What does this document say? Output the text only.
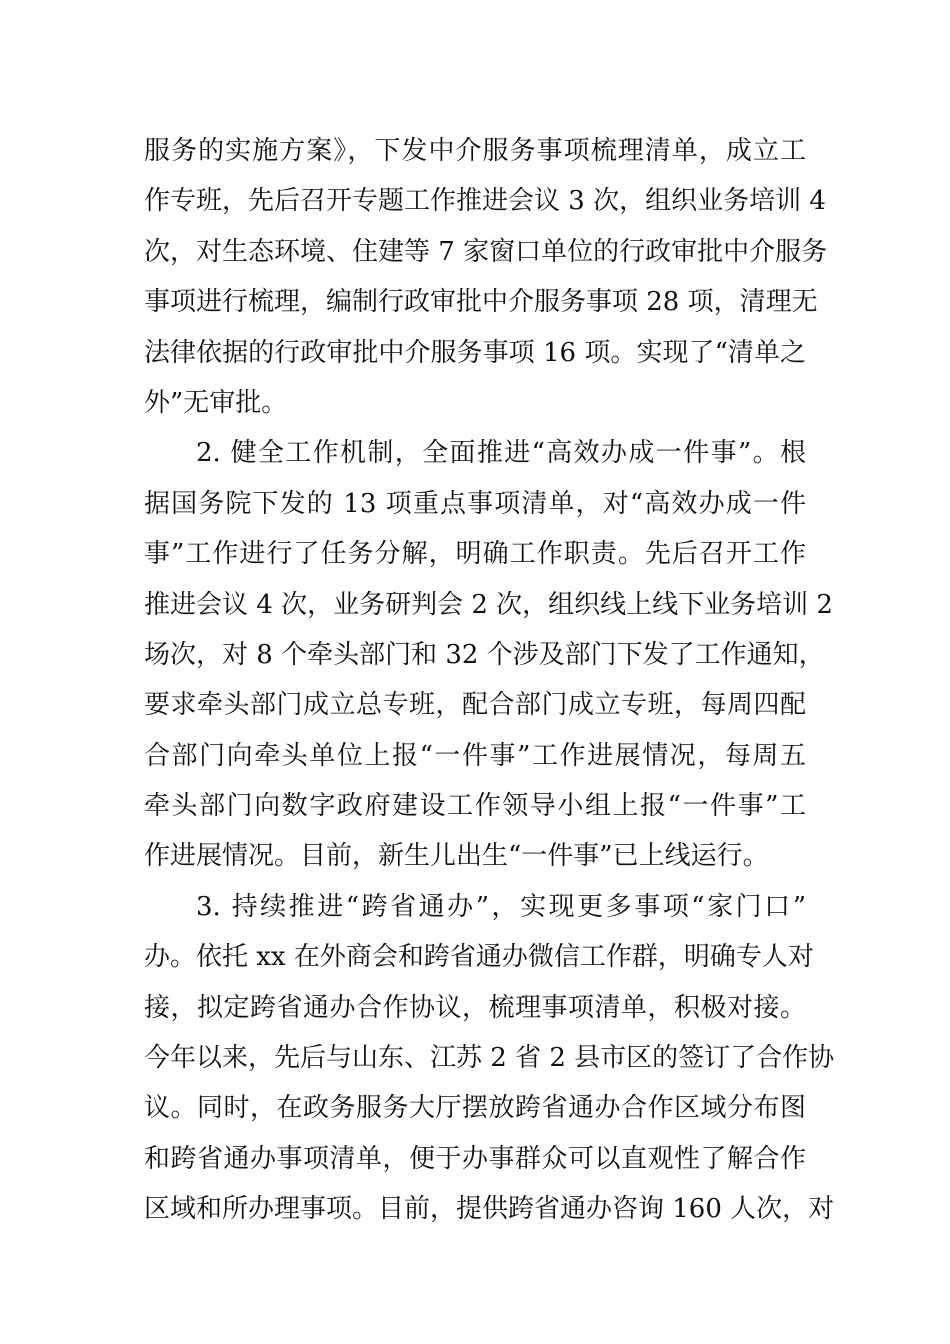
服务的实施方案》，下发中介服务事项梳理清单，成立工
作专班，先后召开专题工作推进会议 3 次，组织业务培训 4
次，对生态环境、住建等 7 家窗口单位的行政审批中介服务
事项进行梳理，编制行政审批中介服务事项 28 项，清理无
法律依据的行政审批中介服务事项 16 项。实现了“清单之
外”无审批。
2. 健全工作机制，全面推进“高效办成一件事”。根
据国务院下发的 13 项重点事项清单，对“高效办成一件
事”工作进行了任务分解，明确工作职责。先后召开工作
推进会议 4 次，业务研判会 2 次，组织线上线下业务培训 2
场次，对 8 个牵头部门和 32 个涉及部门下发了工作通知，
要求牵头部门成立总专班，配合部门成立专班，每周四配
合部门向牵头单位上报“一件事”工作进展情况，每周五
牵头部门向数字政府建设工作领导小组上报“一件事”工
作进展情况。目前，新生儿出生“一件事”已上线运行。
3. 持续推进“跨省通办”，实现更多事项“家门口”
办。依托 xx 在外商会和跨省通办微信工作群，明确专人对
接，拟定跨省通办合作协议，梳理事项清单，积极对接。
今年以来，先后与山东、江苏 2 省 2 县市区的签订了合作协
议。同时，在政务服务大厅摆放跨省通办合作区域分布图
和跨省通办事项清单，便于办事群众可以直观性了解合作
区域和所办理事项。目前，提供跨省通办咨询 160 人次，对
